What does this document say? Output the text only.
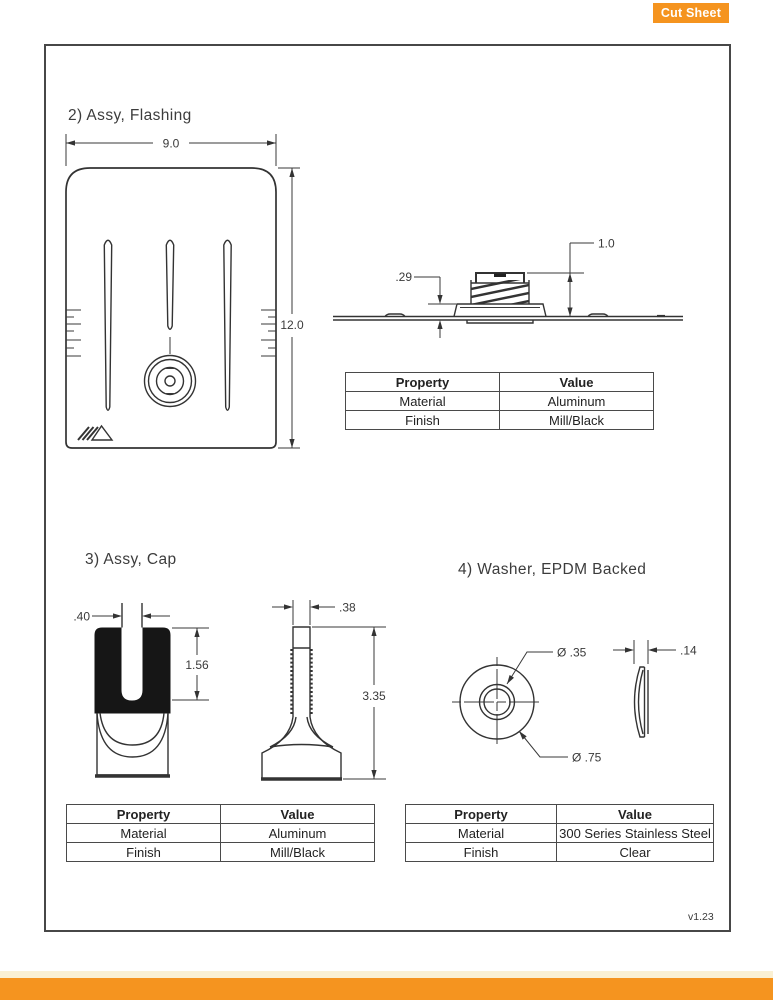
Cut Sheet
2) Assy, Flashing
9.0
12.0
.29
1.0
Property	Value
Material	Aluminum
Finish	Mill/Black
3) Assy, Cap
.40
1.56
.38
3.35
4) Washer, EPDM Backed
Ø .35
Ø .75
.14
Property	Value
Material	Aluminum
Finish	Mill/Black
Property	Value
Material	300 Series Stainless Steel
Finish	Clear
v1.23
